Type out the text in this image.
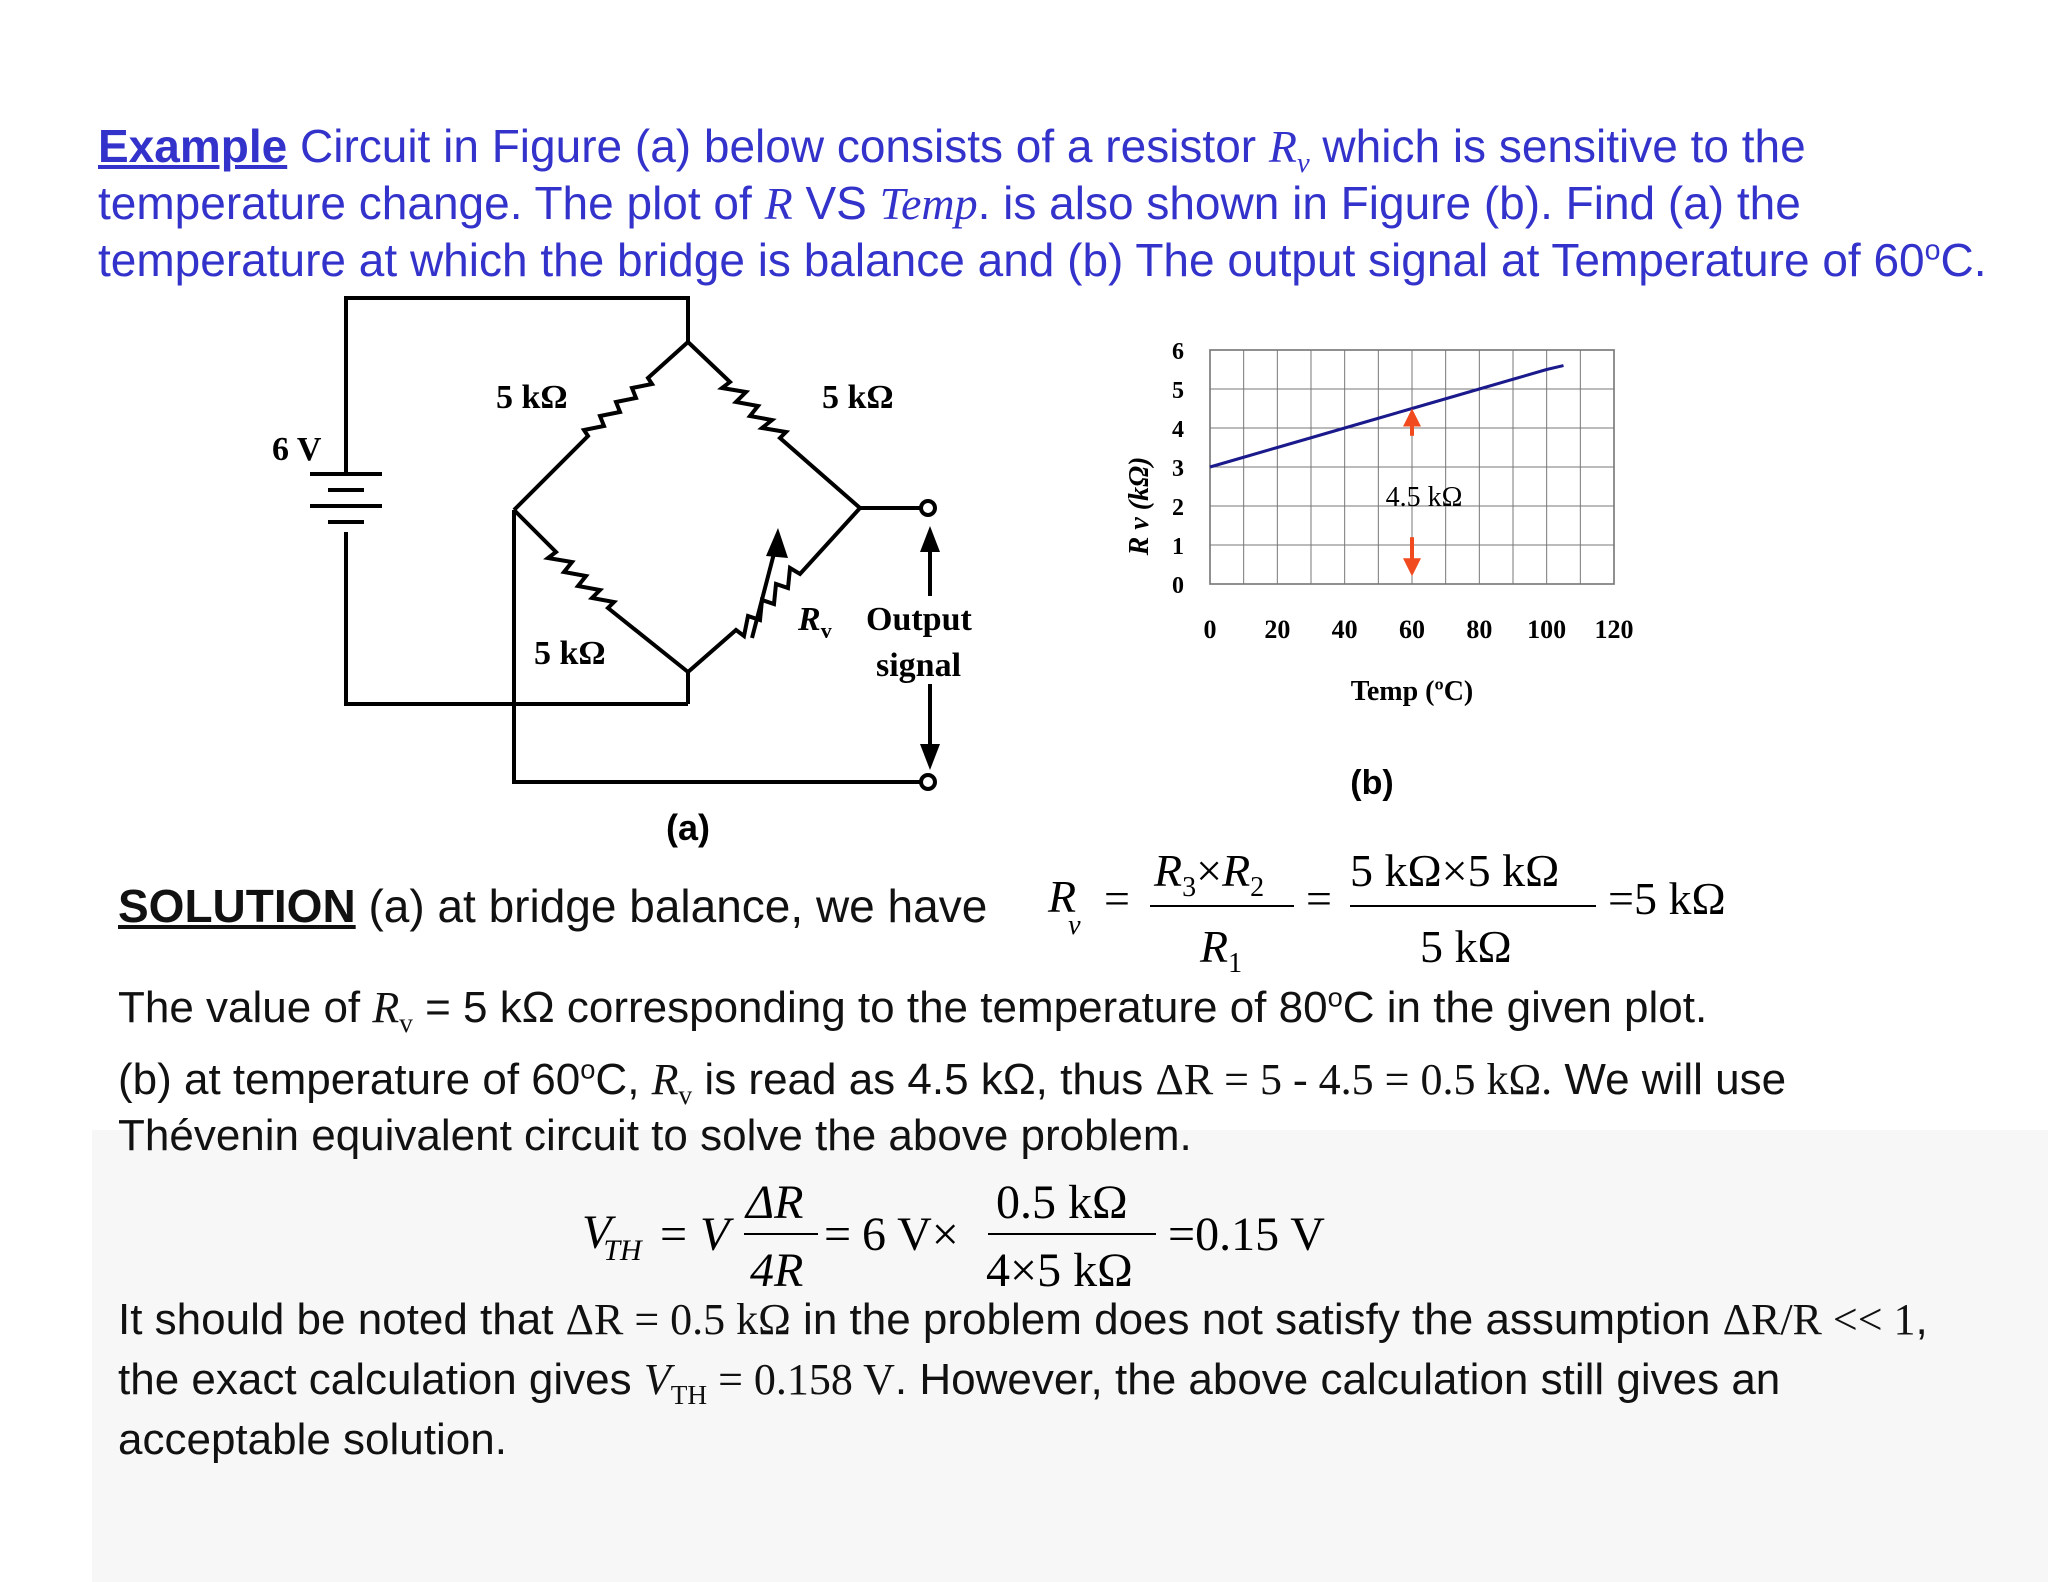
Example Circuit in Figure (a) below consists of a resistor $R_v$ which is sensitive to the temperature change. The plot of R VS Temp. is also shown in Figure (b). Find (a) the temperature at which the bridge is balance and (b) The output signal at Temperature of 60$^o$C.

6 V
5 kΩ	5 kΩ
5 kΩ
$R_v$ Output
signal
(a)
0 20 40 60 80 100 120
0
1
2
3
4
5
6
R v (kΩ)
Temp (ºC)
4.5 kΩ
(b)

SOLUTION (a) at bridge balance, we have R v
=
$R_3\times R_2$
$R_1$
=
5 kΩ×5 kΩ
5 kΩ
=5 kΩ

The value of $R_v = 5$ kΩ corresponding to the temperature of 80$^o$C in the given plot.

(b) at temperature of 60$^o$C, $R_v$ is read as 4.5 kΩ, thus ΔR = 5 - 4.5 = 0.5 kΩ. We will use Thévenin equivalent circuit to solve the above problem.

VTH = V
ΔR
4R
= 6 V×
0.5 kΩ
4×5 kΩ
=0.15 V

It should be noted that ΔR = 0.5 kΩ in the problem does not satisfy the assumption ΔR/R << 1, the exact calculation gives $V_{TH} = 0.158$ V. However, the above calculation still gives an acceptable solution.
